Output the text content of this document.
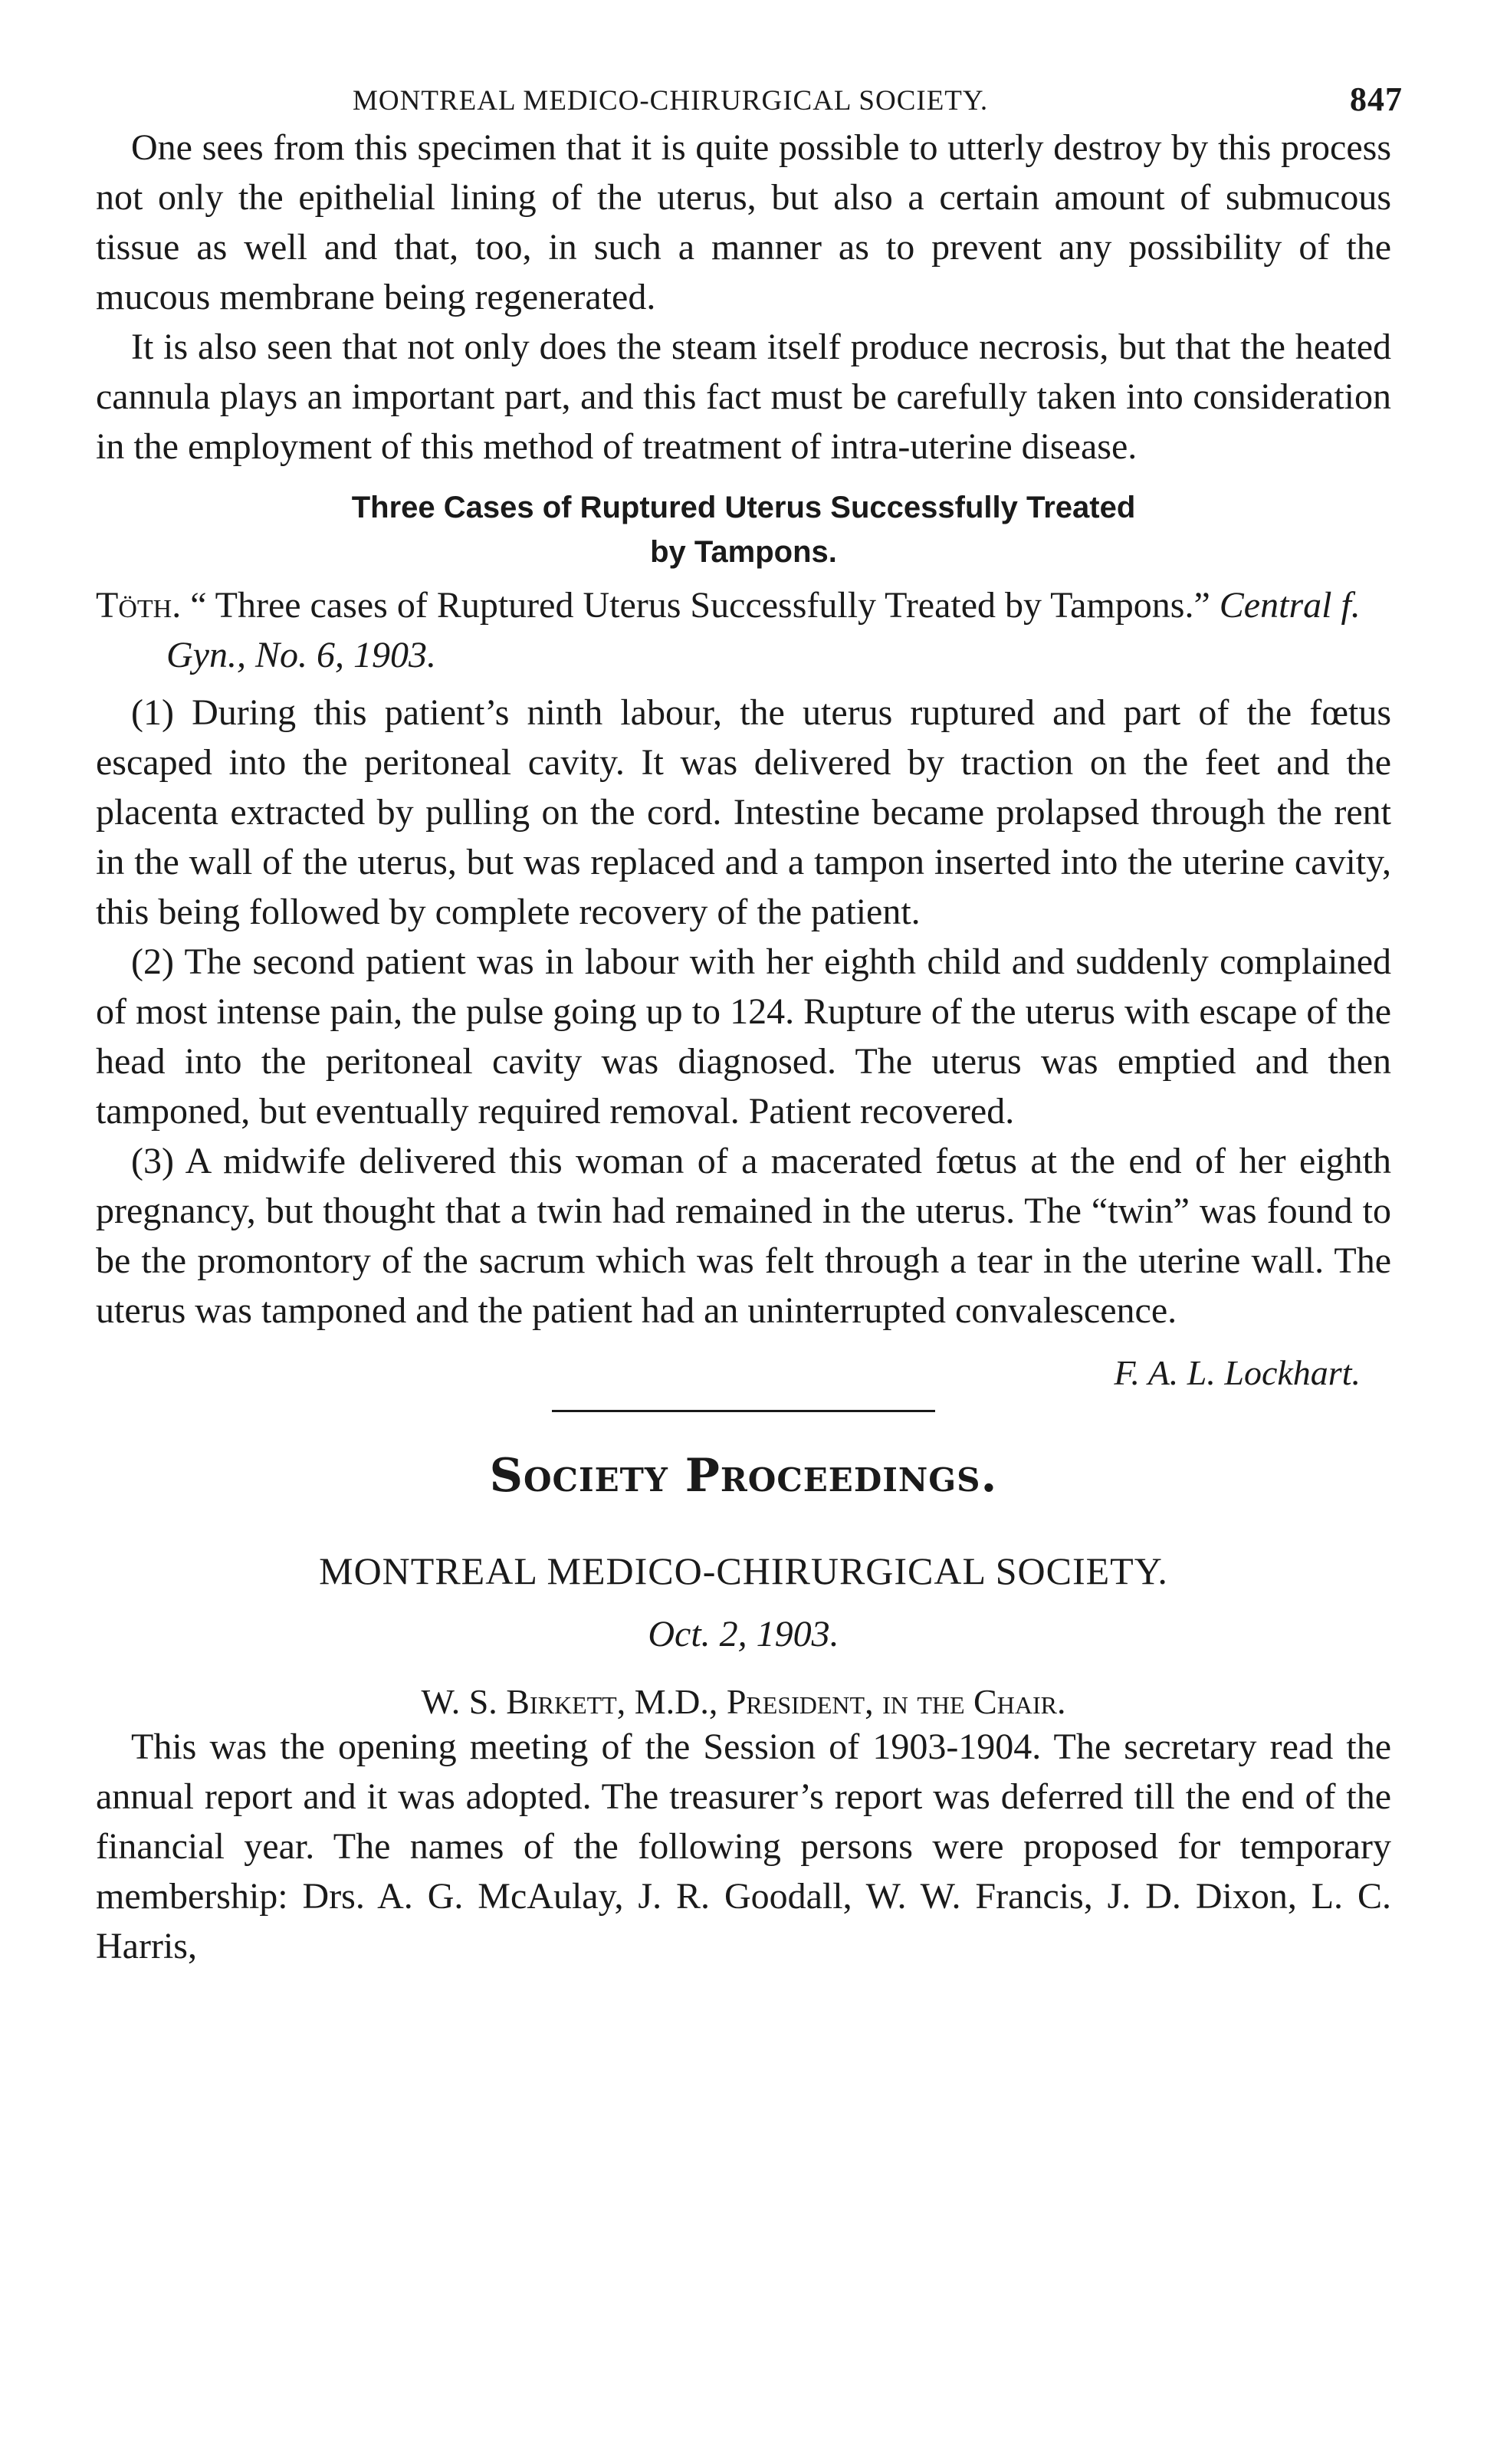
MONTREAL MEDICO-CHIRURGICAL SOCIETY.	847

One sees from this specimen that it is quite possible to utterly destroy by this process not only the epithelial lining of the uterus, but also a certain amount of submucous tissue as well and that, too, in such a manner as to prevent any possibility of the mucous membrane being regenerated.

It is also seen that not only does the steam itself produce necrosis, but that the heated cannula plays an important part, and this fact must be carefully taken into consideration in the employment of this method of treatment of intra-uterine disease.

Three Cases of Ruptured Uterus Successfully Treated
by Tampons.

Töth. “ Three cases of Ruptured Uterus Successfully Treated by Tampons.” Central f. Gyn., No. 6, 1903.

(1) During this patient’s ninth labour, the uterus ruptured and part of the fœtus escaped into the peritoneal cavity. It was delivered by traction on the feet and the placenta extracted by pulling on the cord. Intestine became prolapsed through the rent in the wall of the uterus, but was replaced and a tampon inserted into the uterine cavity, this being followed by complete recovery of the patient.

(2) The second patient was in labour with her eighth child and suddenly complained of most intense pain, the pulse going up to 124. Rupture of the uterus with escape of the head into the peritoneal cavity was diagnosed. The uterus was emptied and then tamponed, but eventually required removal. Patient recovered.

(3) A midwife delivered this woman of a macerated fœtus at the end of her eighth pregnancy, but thought that a twin had remained in the uterus. The “twin” was found to be the promontory of the sacrum which was felt through a tear in the uterine wall. The uterus was tamponed and the patient had an uninterrupted convalescence.

F. A. L. Lockhart.

Society Proceedings.
MONTREAL MEDICO-CHIRURGICAL SOCIETY.
Oct. 2, 1903.
W. S. Birkett, M.D., President, in the Chair.

This was the opening meeting of the Session of 1903-1904. The secretary read the annual report and it was adopted. The treasurer’s report was deferred till the end of the financial year. The names of the following persons were proposed for temporary membership: Drs. A. G. McAulay, J. R. Goodall, W. W. Francis, J. D. Dixon, L. C. Harris,
